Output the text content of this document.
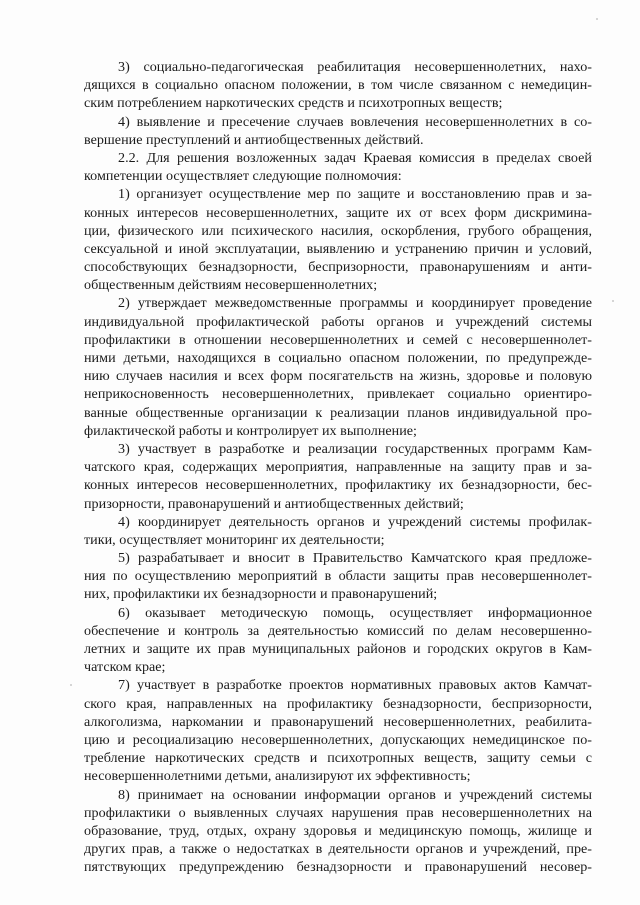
3) социально-педагогическая реабилитация несовершеннолетних, нахо-
дящихся в социально опасном положении, в том числе связанном с немедицин-
ским потреблением наркотических средств и психотропных веществ;
4) выявление и пресечение случаев вовлечения несовершеннолетних в со-
вершение преступлений и антиобщественных действий.
2.2. Для решения возложенных задач Краевая комиссия в пределах своей
компетенции осуществляет следующие полномочия:
1) организует осуществление мер по защите и восстановлению прав и за-
конных интересов несовершеннолетних, защите их от всех форм дискримина-
ции, физического или психического насилия, оскорбления, грубого обращения,
сексуальной и иной эксплуатации, выявлению и устранению причин и условий,
способствующих безнадзорности, беспризорности, правонарушениям и анти-
общественным действиям несовершеннолетних;
2) утверждает межведомственные программы и координирует проведение
индивидуальной профилактической работы органов и учреждений системы
профилактики в отношении несовершеннолетних и семей с несовершеннолет-
ними детьми, находящихся в социально опасном положении, по предупрежде-
нию случаев насилия и всех форм посягательств на жизнь, здоровье и половую
неприкосновенность несовершеннолетних, привлекает социально ориентиро-
ванные общественные организации к реализации планов индивидуальной про-
филактической работы и контролирует их выполнение;
3) участвует в разработке и реализации государственных программ Кам-
чатского края, содержащих мероприятия, направленные на защиту прав и за-
конных интересов несовершеннолетних, профилактику их безнадзорности, бес-
призорности, правонарушений и антиобщественных действий;
4) координирует деятельность органов и учреждений системы профилак-
тики, осуществляет мониторинг их деятельности;
5) разрабатывает и вносит в Правительство Камчатского края предложе-
ния по осуществлению мероприятий в области защиты прав несовершеннолет-
них, профилактики их безнадзорности и правонарушений;
6) оказывает методическую помощь, осуществляет информационное
обеспечение и контроль за деятельностью комиссий по делам несовершенно-
летних и защите их прав муниципальных районов и городских округов в Кам-
чатском крае;
7) участвует в разработке проектов нормативных правовых актов Камчат-
ского края, направленных на профилактику безнадзорности, беспризорности,
алкоголизма, наркомании и правонарушений несовершеннолетних, реабилита-
цию и ресоциализацию несовершеннолетних, допускающих немедицинское по-
требление наркотических средств и психотропных веществ, защиту семьи с
несовершеннолетними детьми, анализируют их эффективность;
8) принимает на основании информации органов и учреждений системы
профилактики о выявленных случаях нарушения прав несовершеннолетних на
образование, труд, отдых, охрану здоровья и медицинскую помощь, жилище и
других прав, а также о недостатках в деятельности органов и учреждений, пре-
пятствующих предупреждению безнадзорности и правонарушений несовер-
